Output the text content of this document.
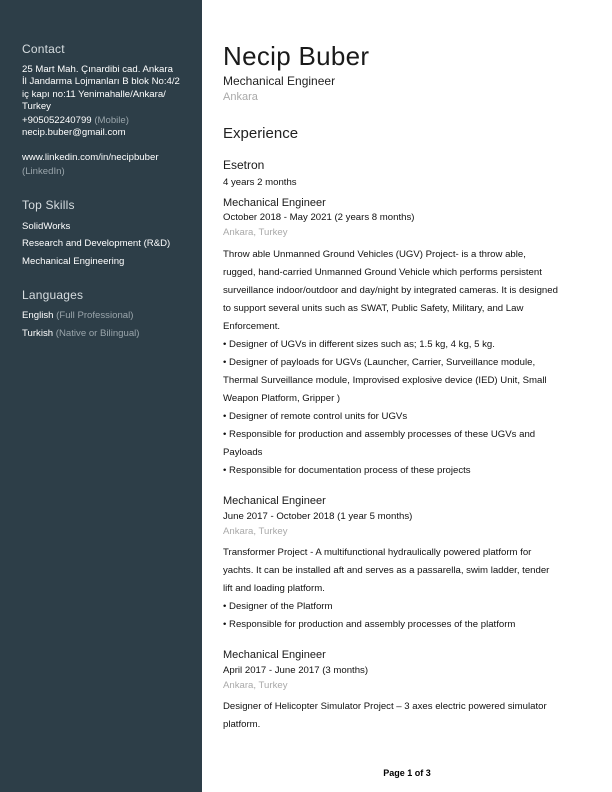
Contact
25 Mart Mah. Çınardibi cad. Ankara
İl Jandarma Lojmanları B blok No:4/2
iç kapı no:11 Yenimahalle/Ankara/
Turkey
+905052240799 (Mobile)
necip.buber@gmail.com
www.linkedin.com/in/necipbuber
(LinkedIn)
Top Skills
SolidWorks
Research and Development (R&D)
Mechanical Engineering
Languages
English (Full Professional)
Turkish (Native or Bilingual)
Necip Buber
Mechanical Engineer
Ankara
Experience
Esetron
4 years 2 months
Mechanical Engineer
October 2018 - May 2021 (2 years 8 months)
Ankara, Turkey
Throw able Unmanned Ground Vehicles (UGV) Project- is a throw able,
rugged, hand-carried Unmanned Ground Vehicle which performs persistent
surveillance indoor/outdoor and day/night by integrated cameras. It is designed
to support several units such as SWAT, Public Safety, Military, and Law
Enforcement.
• Designer of UGVs in different sizes such as; 1.5 kg, 4 kg, 5 kg.
• Designer of payloads for UGVs (Launcher, Carrier, Surveillance module,
Thermal Surveillance module, Improvised explosive device (IED) Unit, Small
Weapon Platform, Gripper )
• Designer of remote control units for UGVs
• Responsible for production and assembly processes of these UGVs and
Payloads
• Responsible for documentation process of these projects
Mechanical Engineer
June 2017 - October 2018 (1 year 5 months)
Ankara, Turkey
Transformer Project - A multifunctional hydraulically powered platform for
yachts. It can be installed aft and serves as a passarella, swim ladder, tender
lift and loading platform.
• Designer of the Platform
• Responsible for production and assembly processes of the platform
Mechanical Engineer
April 2017 - June 2017 (3 months)
Ankara, Turkey
Designer of Helicopter Simulator Project – 3 axes electric powered simulator
platform.
Page 1 of 3
